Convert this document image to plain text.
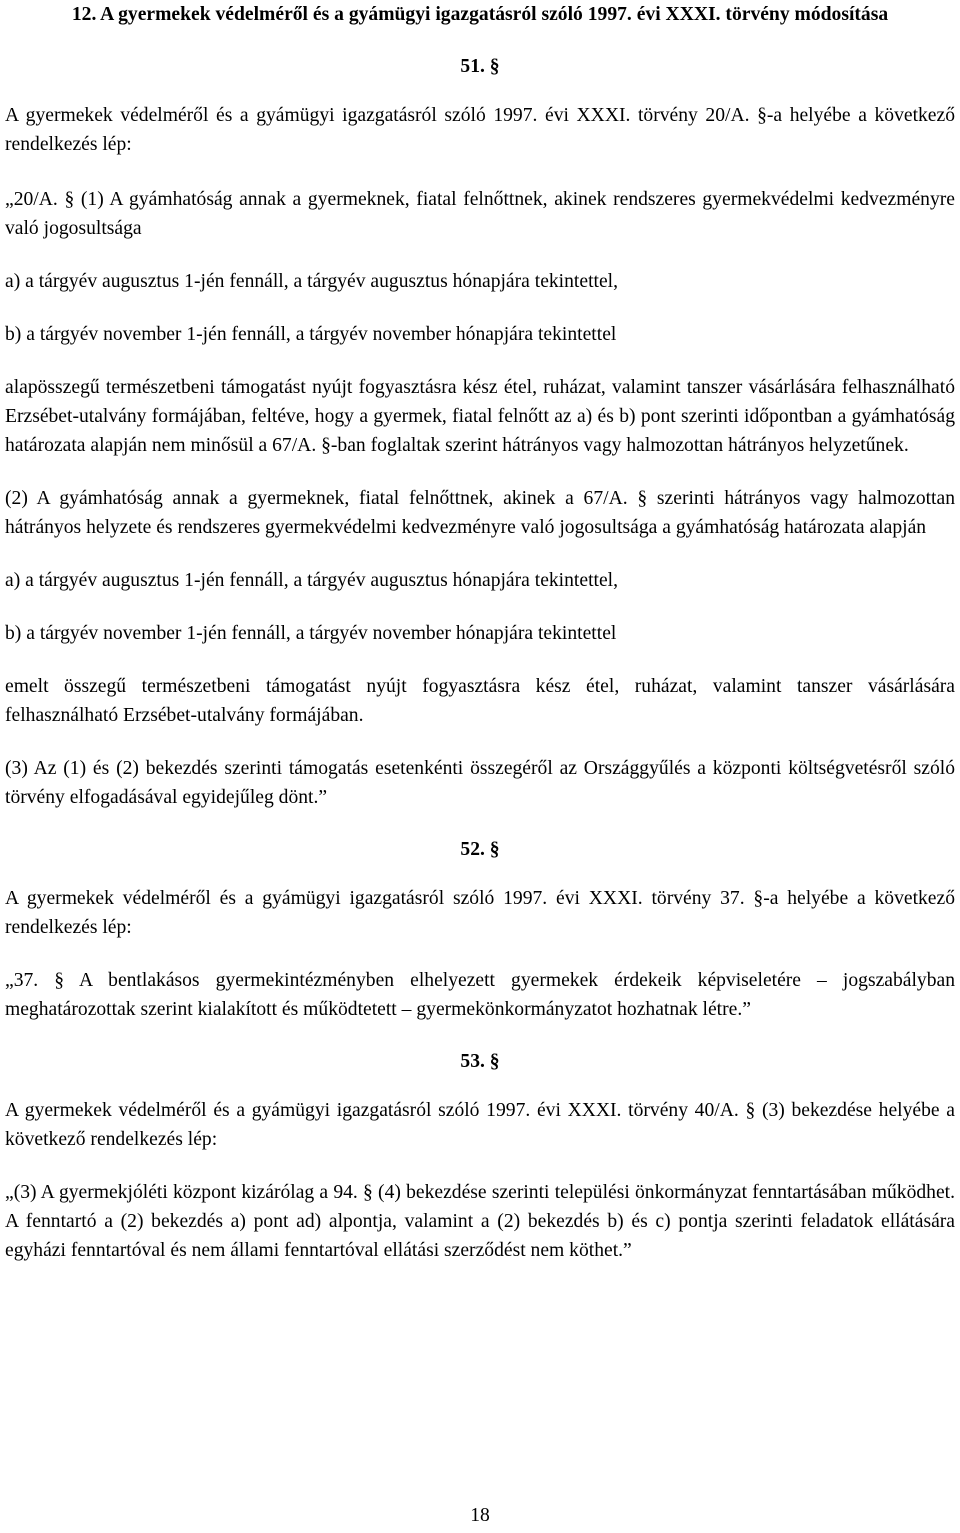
12. A gyermekek védelméről és a gyámügyi igazgatásról szóló 1997. évi XXXI. törvény módosítása

51. §

A gyermekek védelméről és a gyámügyi igazgatásról szóló 1997. évi XXXI. törvény 20/A. §-a helyébe a következő rendelkezés lép:

„20/A. § (1) A gyámhatóság annak a gyermeknek, fiatal felnőttnek, akinek rendszeres gyermekvédelmi kedvezményre való jogosultsága

a) a tárgyév augusztus 1-jén fennáll, a tárgyév augusztus hónapjára tekintettel,

b) a tárgyév november 1-jén fennáll, a tárgyév november hónapjára tekintettel

alapösszegű természetbeni támogatást nyújt fogyasztásra kész étel, ruházat, valamint tanszer vásárlására felhasználható Erzsébet-utalvány formájában, feltéve, hogy a gyermek, fiatal felnőtt az a) és b) pont szerinti időpontban a gyámhatóság határozata alapján nem minősül a 67/A. §-ban foglaltak szerint hátrányos vagy halmozottan hátrányos helyzetűnek.

(2) A gyámhatóság annak a gyermeknek, fiatal felnőttnek, akinek a 67/A. § szerinti hátrányos vagy halmozottan hátrányos helyzete és rendszeres gyermekvédelmi kedvezményre való jogosultsága a gyámhatóság határozata alapján

a) a tárgyév augusztus 1-jén fennáll, a tárgyév augusztus hónapjára tekintettel,

b) a tárgyév november 1-jén fennáll, a tárgyév november hónapjára tekintettel

emelt összegű természetbeni támogatást nyújt fogyasztásra kész étel, ruházat, valamint tanszer vásárlására felhasználható Erzsébet-utalvány formájában.

(3) Az (1) és (2) bekezdés szerinti támogatás esetenkénti összegéről az Országgyűlés a központi költségvetésről szóló törvény elfogadásával egyidejűleg dönt.”

52. §

A gyermekek védelméről és a gyámügyi igazgatásról szóló 1997. évi XXXI. törvény 37. §-a helyébe a következő rendelkezés lép:

„37. § A bentlakásos gyermekintézményben elhelyezett gyermekek érdekeik képviseletére – jogszabályban meghatározottak szerint kialakított és működtetett – gyermekönkormányzatot hozhatnak létre.”

53. §

A gyermekek védelméről és a gyámügyi igazgatásról szóló 1997. évi XXXI. törvény 40/A. § (3) bekezdése helyébe a következő rendelkezés lép:

„(3) A gyermekjóléti központ kizárólag a 94. § (4) bekezdése szerinti települési önkormányzat fenntartásában működhet. A fenntartó a (2) bekezdés a) pont ad) alpontja, valamint a (2) bekezdés b) és c) pontja szerinti feladatok ellátására egyházi fenntartóval és nem állami fenntartóval ellátási szerződést nem köthet.”

18
